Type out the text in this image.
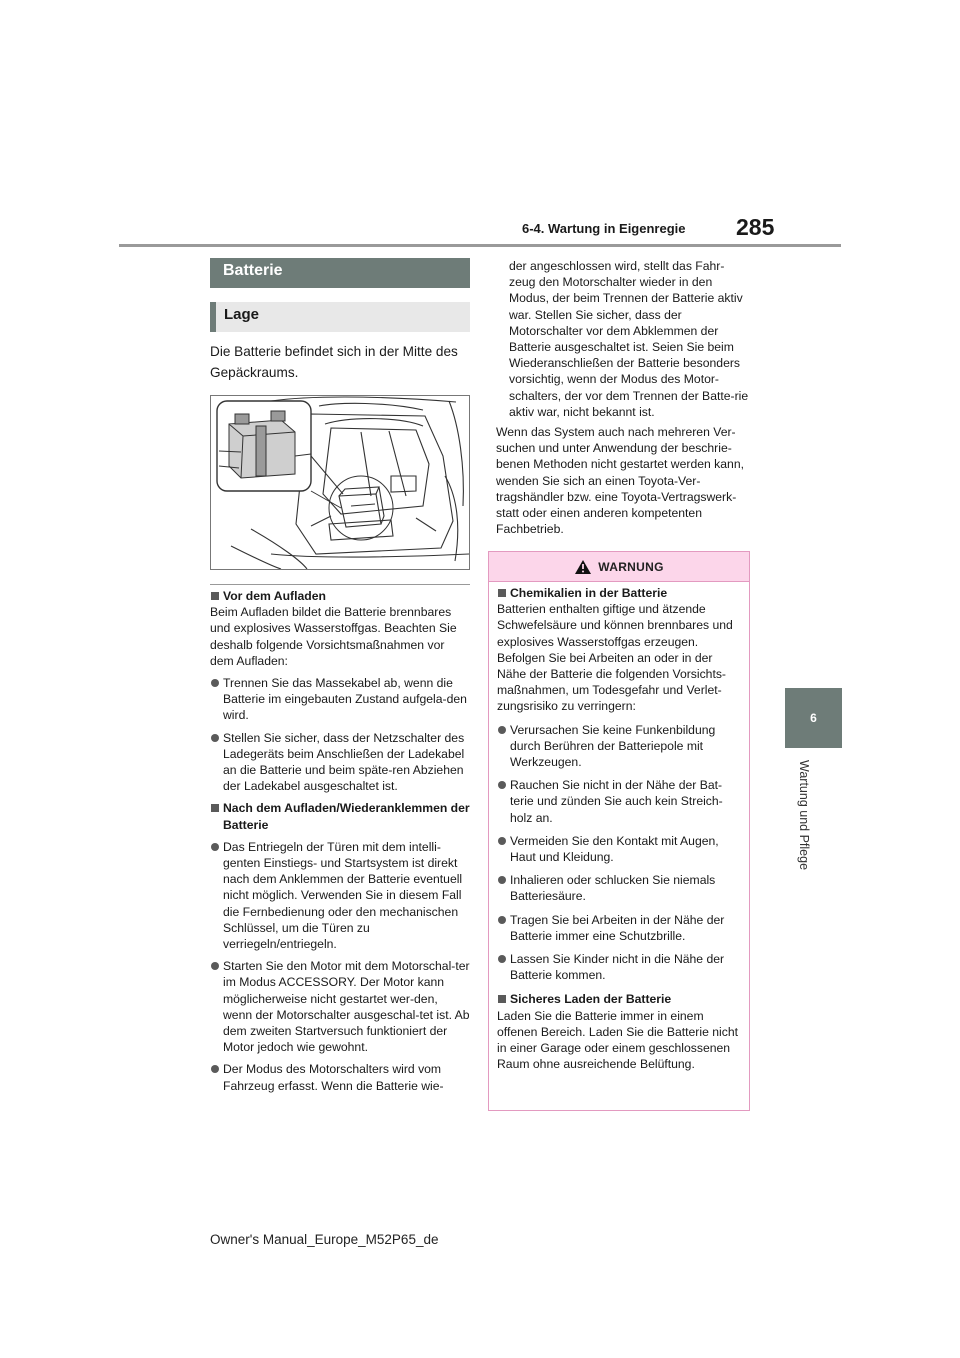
6-4. Wartung in Eigenregie 285
6
Wartung und Pflege
Batterie
Lage

Die Batterie befindet sich in der Mitte des Gepäckraums.

Vor dem Aufladen

Beim Aufladen bildet die Batterie brennbares und explosives Wasserstoffgas. Beachten Sie deshalb folgende Vorsichtsmaßnahmen vor dem Aufladen:

Trennen Sie das Massekabel ab, wenn die Batterie im eingebauten Zustand aufgela-den wird.

Stellen Sie sicher, dass der Netzschalter des Ladegeräts beim Anschließen der Ladekabel an die Batterie und beim späte-ren Abziehen der Ladekabel ausgeschaltet ist.

Nach dem Aufladen/Wiederanklemmen der Batterie

Das Entriegeln der Türen mit dem intelli-genten Einstiegs- und Startsystem ist direkt nach dem Anklemmen der Batterie eventuell nicht möglich. Verwenden Sie in diesem Fall die Fernbedienung oder den mechanischen Schlüssel, um die Türen zu verriegeln/entriegeln.

Starten Sie den Motor mit dem Motorschal-ter im Modus ACCESSORY. Der Motor kann möglicherweise nicht gestartet wer-den, wenn der Motorschalter ausgeschal-tet ist. Ab dem zweiten Startversuch funktioniert der Motor jedoch wie gewohnt.

Der Modus des Motorschalters wird vom Fahrzeug erfasst. Wenn die Batterie wie-

der angeschlossen wird, stellt das Fahr-zeug den Motorschalter wieder in den Modus, der beim Trennen der Batterie aktiv war. Stellen Sie sicher, dass der Motorschalter vor dem Abklemmen der Batterie ausgeschaltet ist. Seien Sie beim Wiederanschließen der Batterie besonders vorsichtig, wenn der Modus des Motor-schalters, der vor dem Trennen der Batte-rie aktiv war, nicht bekannt ist.

Wenn das System auch nach mehreren Ver-suchen und unter Anwendung der beschrie-benen Methoden nicht gestartet werden kann, wenden Sie sich an einen Toyota-Ver-tragshändler bzw. eine Toyota-Vertragswerk-statt oder einen anderen kompetenten Fachbetrieb.

WARNUNG
Chemikalien in der Batterie

Batterien enthalten giftige und ätzende Schwefelsäure und können brennbares und explosives Wasserstoffgas erzeugen. Befolgen Sie bei Arbeiten an oder in der Nähe der Batterie die folgenden Vorsichts-maßnahmen, um Todesgefahr und Verlet-zungsrisiko zu verringern:

Verursachen Sie keine Funkenbildung durch Berühren der Batteriepole mit Werkzeugen.

Rauchen Sie nicht in der Nähe der Bat-terie und zünden Sie auch kein Streich-holz an.

Vermeiden Sie den Kontakt mit Augen, Haut und Kleidung.

Inhalieren oder schlucken Sie niemals Batteriesäure.

Tragen Sie bei Arbeiten in der Nähe der Batterie immer eine Schutzbrille.

Lassen Sie Kinder nicht in die Nähe der Batterie kommen.

Sicheres Laden der Batterie

Laden Sie die Batterie immer in einem offenen Bereich. Laden Sie die Batterie nicht in einer Garage oder einem geschlossenen Raum ohne ausreichende Belüftung.

Owner's Manual_Europe_M52P65_de
